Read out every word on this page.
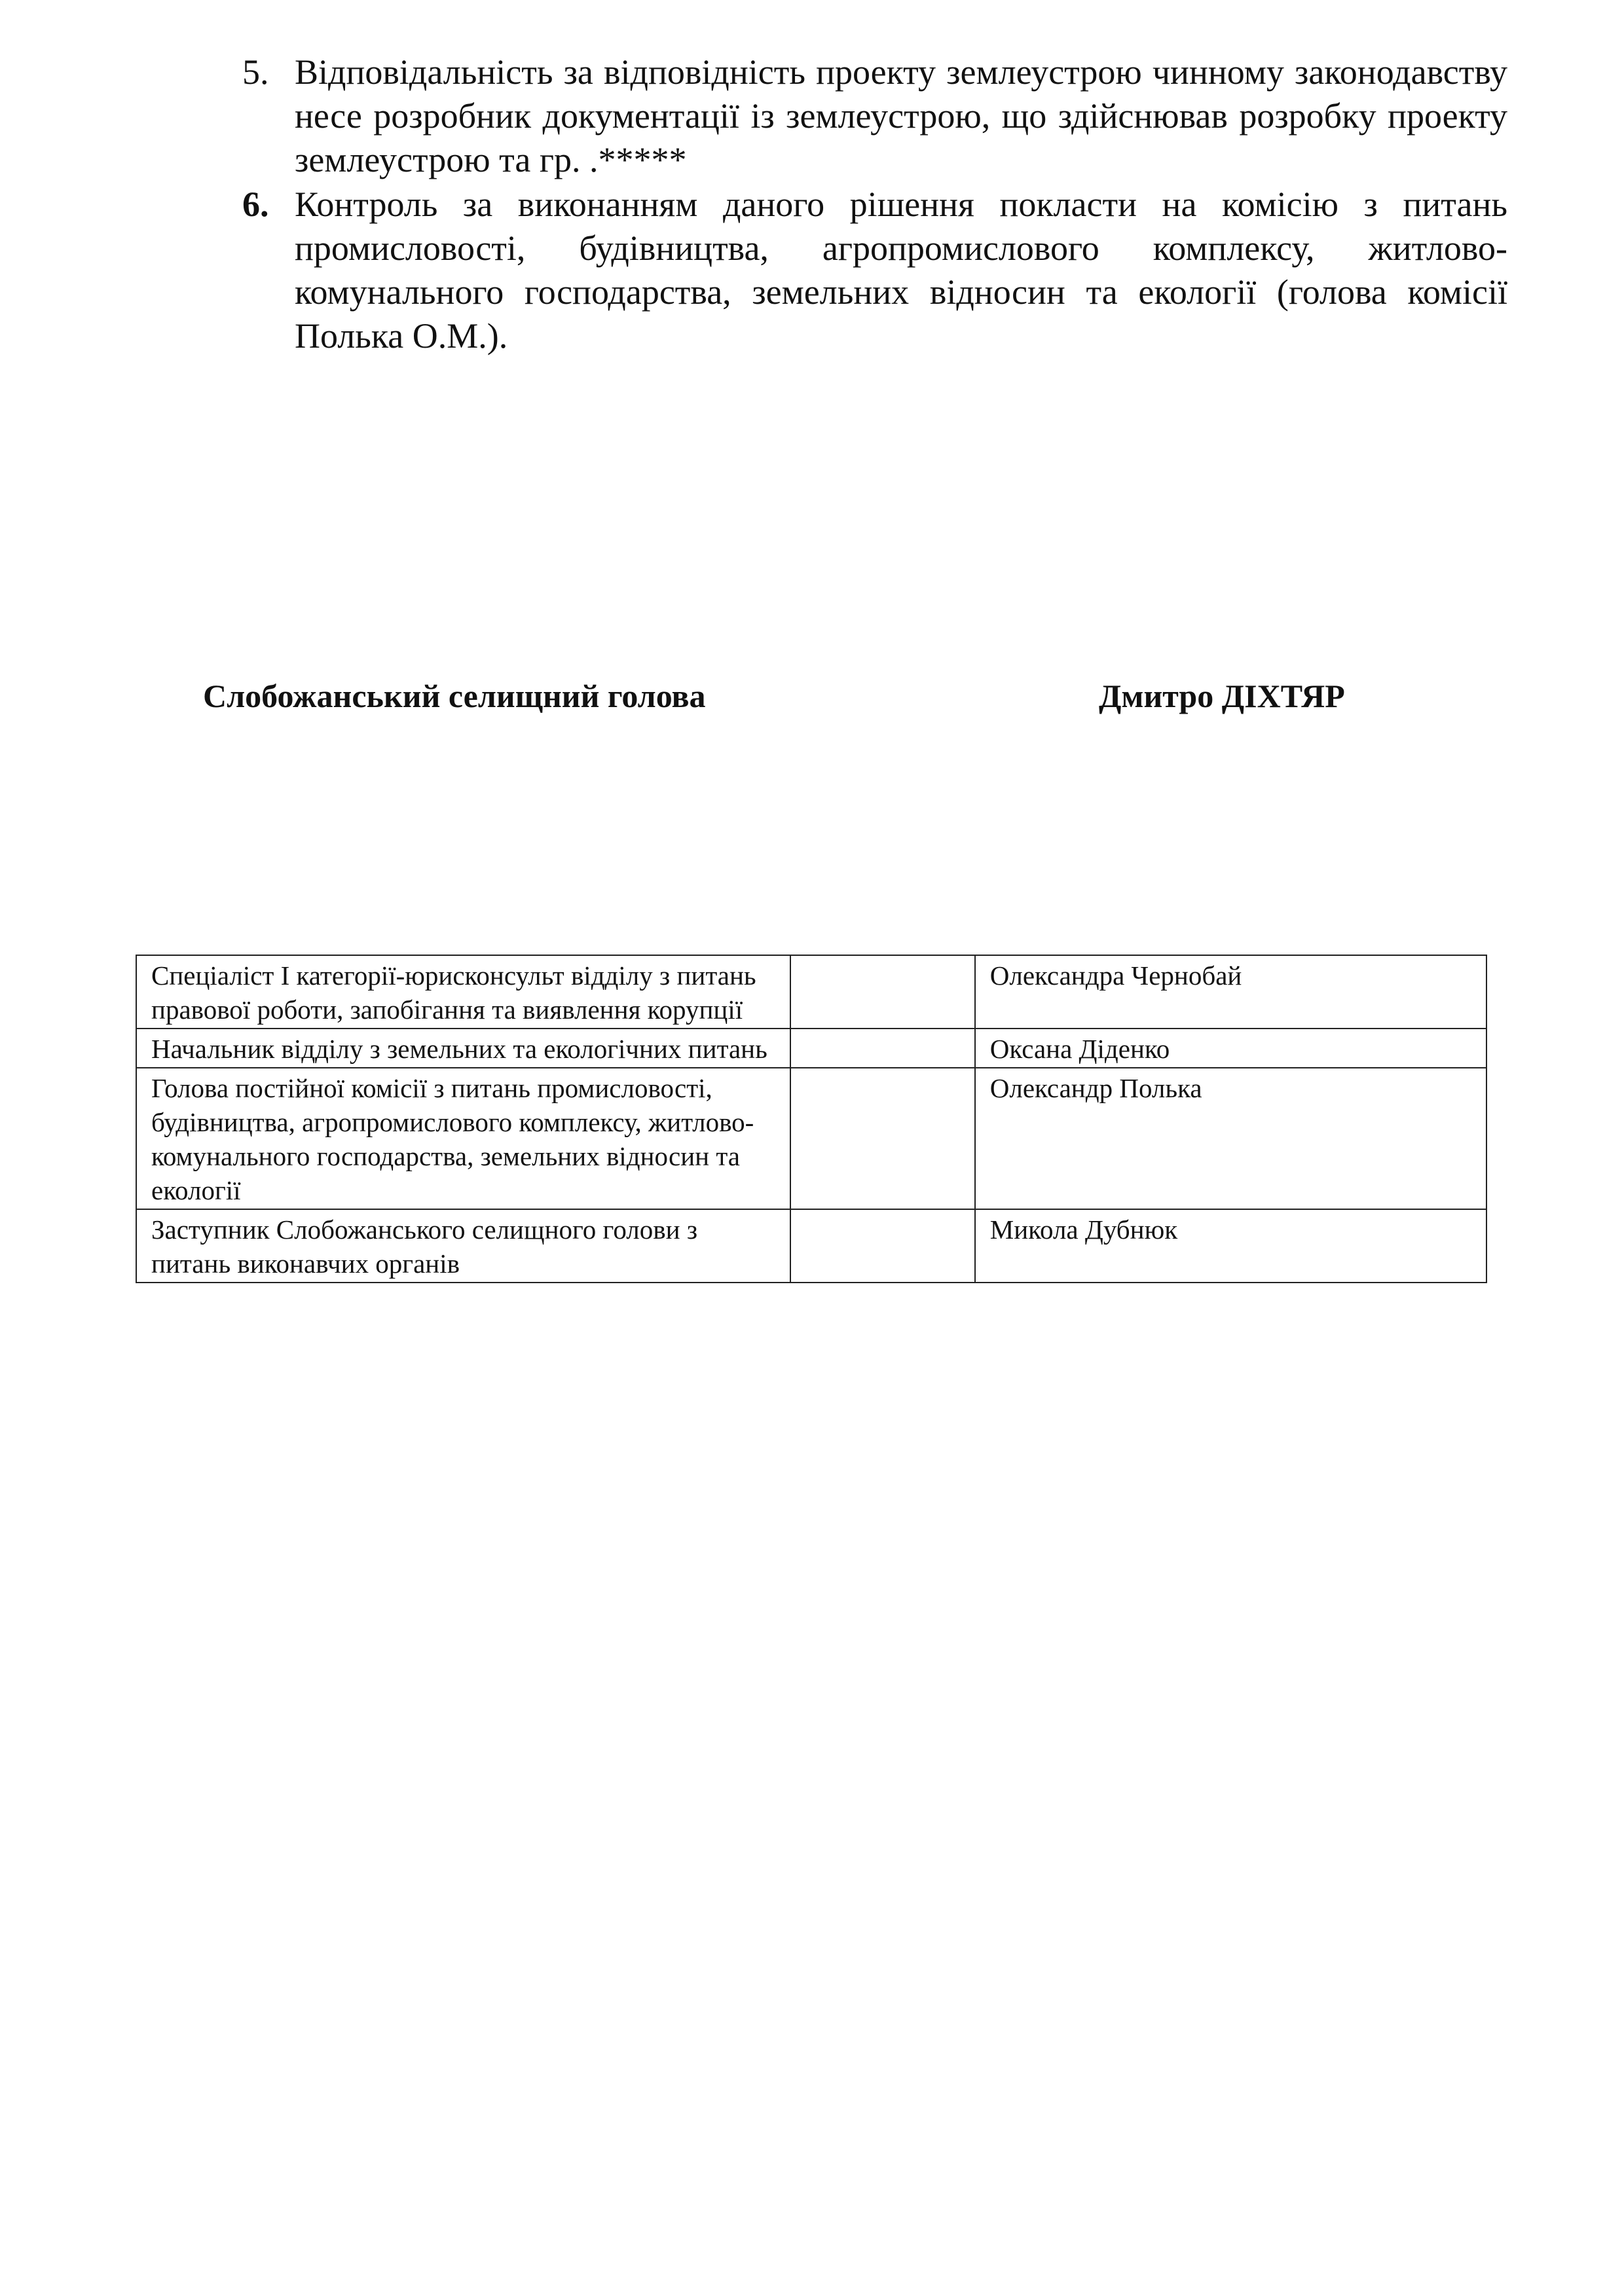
5. Відповідальність за відповідність проекту землеустрою чинному законодавству несе розробник документації із землеустрою, що здійснював розробку проекту землеустрою та гр. .*****
6. Контроль за виконанням даного рішення покласти на комісію з питань промисловості, будівництва, агропромислового комплексу, житлово-комунального господарства, земельних відносин та екології (голова комісії Полька О.М.).
Слобожанський селищний голова	Дмитро ДІХТЯР
Спеціаліст І категорії-юрисконсульт відділу з питань правової роботи, запобігання та виявлення корупції		Олександра Чернобай
Начальник відділу з земельних та екологічних питань		Оксана Діденко
Голова постійної комісії з питань промисловості, будівництва, агропромислового комплексу, житлово-комунального господарства, земельних відносин та екології		Олександр Полька
Заступник Слобожанського селищного голови з питань виконавчих органів		Микола Дубнюк
